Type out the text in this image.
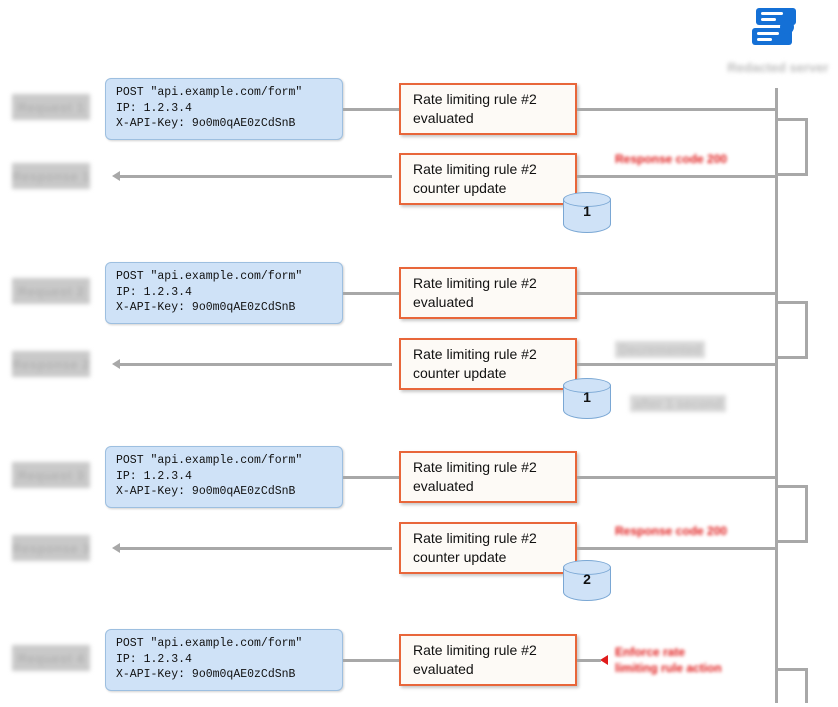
Redacted server
Request 1
POST "api.example.com/form"
IP: 1.2.3.4
X-API-Key: 9o0m0qAE0zCdSnB
Rate limiting rule #2
evaluated
Response 1	Rate limiting rule #2
counter update
1
Response code 200
Request 2
POST "api.example.com/form"
IP: 1.2.3.4
X-API-Key: 9o0m0qAE0zCdSnB
Rate limiting rule #2
evaluated
Response 2
Rate limiting rule #2
counter update
1
Decremented
after 1 second
Request 3
POST "api.example.com/form"
IP: 1.2.3.4
X-API-Key: 9o0m0qAE0zCdSnB
Rate limiting rule #2
evaluated
Response 3
Rate limiting rule #2
counter update
2
Response code 200
Request 4
POST "api.example.com/form"
IP: 1.2.3.4
X-API-Key: 9o0m0qAE0zCdSnB
Rate limiting rule #2
evaluated
Enforce rate
limiting rule action
